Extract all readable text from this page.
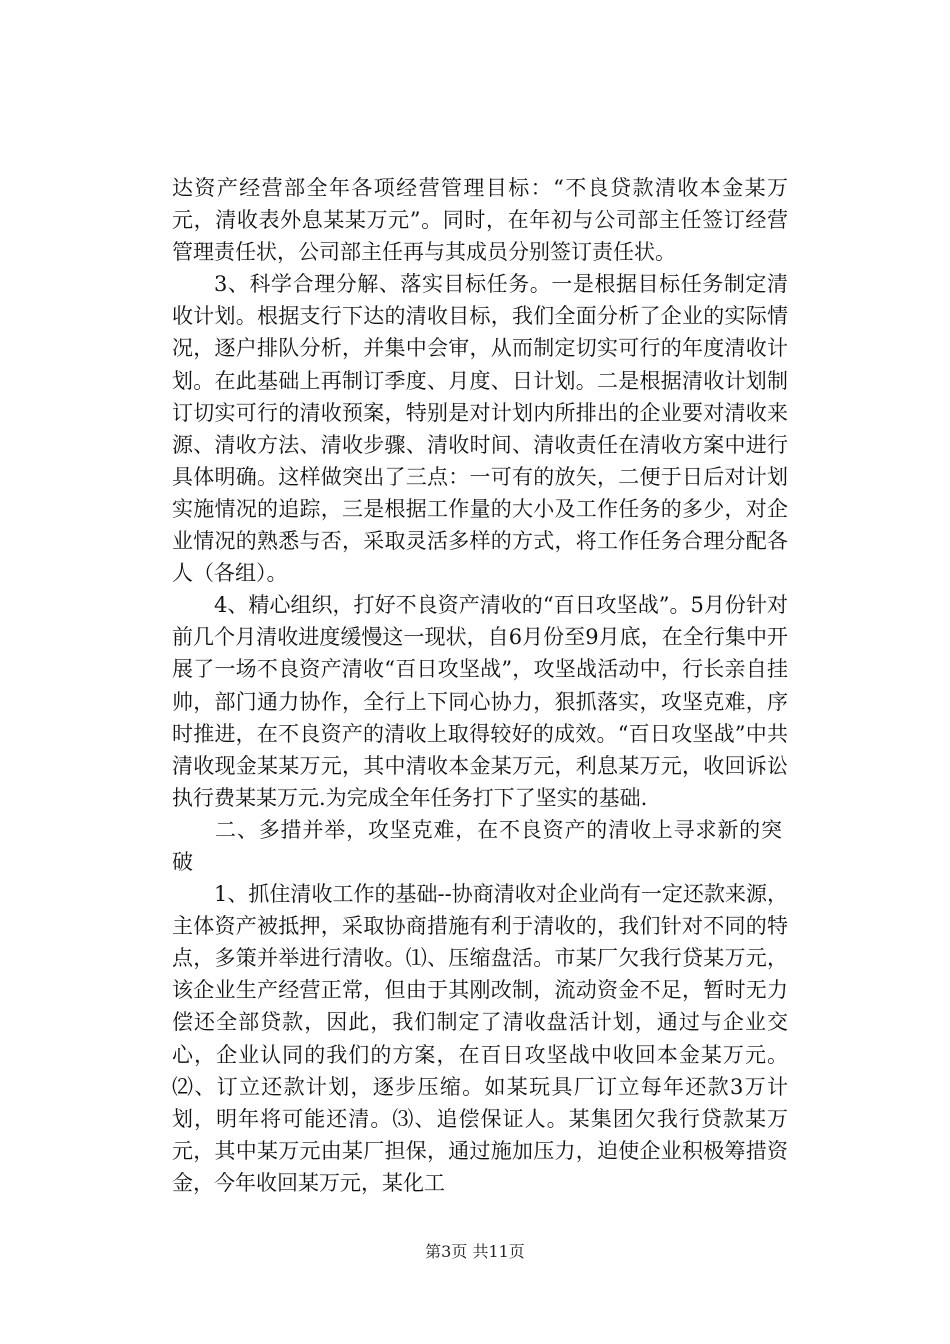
达资产经营部全年各项经营管理目标：“不良贷款清收本金某万元，清收表外息某某万元”。同时，在年初与公司部主任签订经营管理责任状，公司部主任再与其成员分别签订责任状。

3、科学合理分解、落实目标任务。一是根据目标任务制定清收计划。根据支行下达的清收目标，我们全面分析了企业的实际情况，逐户排队分析，并集中会审，从而制定切实可行的年度清收计划。在此基础上再制订季度、月度、日计划。二是根据清收计划制订切实可行的清收预案，特别是对计划内所排出的企业要对清收来源、清收方法、清收步骤、清收时间、清收责任在清收方案中进行具体明确。这样做突出了三点：一可有的放矢，二便于日后对计划实施情况的追踪，三是根据工作量的大小及工作任务的多少，对企业情况的熟悉与否，采取灵活多样的方式，将工作任务合理分配各人（各组）。

4、精心组织，打好不良资产清收的“百日攻坚战”。5月份针对前几个月清收进度缓慢这一现状，自6月份至9月底，在全行集中开展了一场不良资产清收“百日攻坚战”，攻坚战活动中，行长亲自挂帅，部门通力协作，全行上下同心协力，狠抓落实，攻坚克难，序时推进，在不良资产的清收上取得较好的成效。“百日攻坚战”中共清收现金某某万元，其中清收本金某万元，利息某万元，收回诉讼执行费某某万元.为完成全年任务打下了坚实的基础.

二、多措并举，攻坚克难，在不良资产的清收上寻求新的突破

1、抓住清收工作的基础--协商清收对企业尚有一定还款来源，主体资产被抵押，采取协商措施有利于清收的，我们针对不同的特点，多策并举进行清收。⑴、压缩盘活。市某厂欠我行贷某万元，该企业生产经营正常，但由于其刚改制，流动资金不足，暂时无力偿还全部贷款，因此，我们制定了清收盘活计划，通过与企业交心，企业认同的我们的方案，在百日攻坚战中收回本金某万元。⑵、订立还款计划，逐步压缩。如某玩具厂订立每年还款3万计划，明年将可能还清。⑶、追偿保证人。某集团欠我行贷款某万元，其中某万元由某厂担保，通过施加压力，迫使企业积极筹措资金，今年收回某万元，某化工

第3页 共11页
